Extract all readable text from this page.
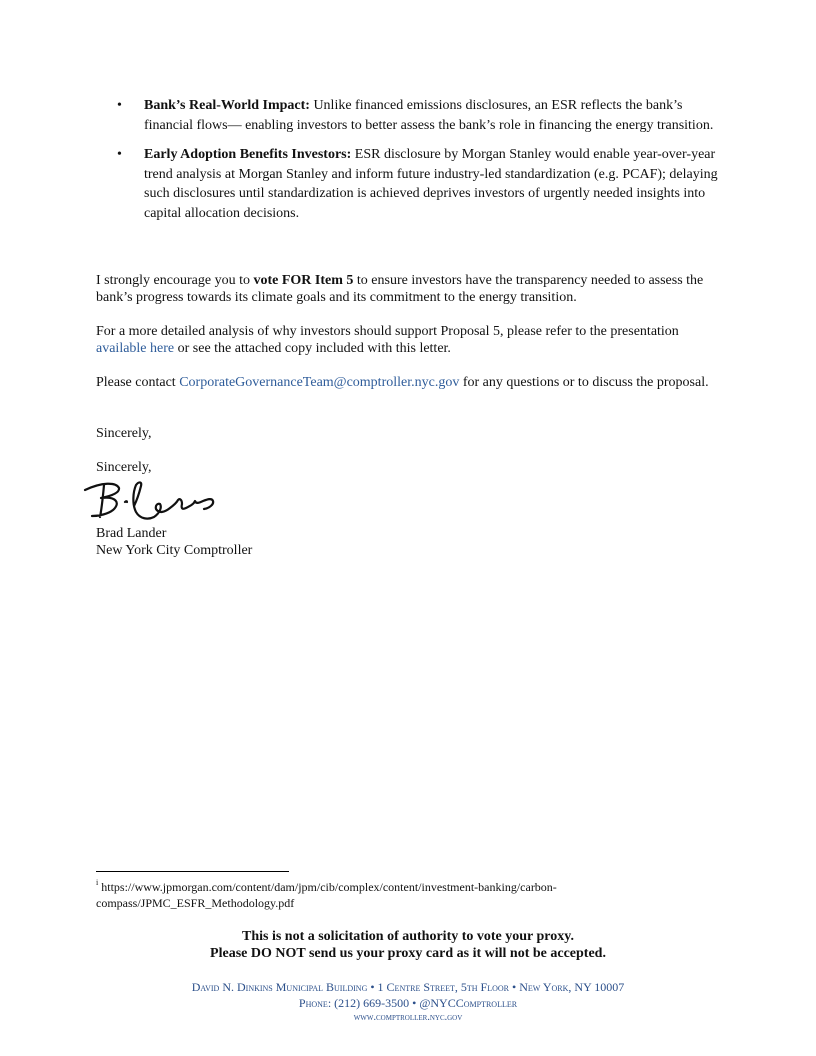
• Bank’s Real-World Impact: Unlike financed emissions disclosures, an ESR reflects the bank’s financial flows— enabling investors to better assess the bank’s role in financing the energy transition.
• Early Adoption Benefits Investors: ESR disclosure by Morgan Stanley would enable year-over-year trend analysis at Morgan Stanley and inform future industry-led standardization (e.g. PCAF); delaying such disclosures until standardization is achieved deprives investors of urgently needed insights into capital allocation decisions.

I strongly encourage you to vote FOR Item 5 to ensure investors have the transparency needed to assess the bank’s progress towards its climate goals and its commitment to the energy transition.

For a more detailed analysis of why investors should support Proposal 5, please refer to the presentation available here or see the attached copy included with this letter.

Please contact CorporateGovernanceTeam@comptroller.nyc.gov for any questions or to discuss the proposal.

Sincerely,

Sincerely,

Brad Lander

New York City Comptroller

$^i$ https://www.jpmorgan.com/content/dam/jpm/cib/complex/content/investment-banking/carbon-compass/JPMC_ESFR_Methodology.pdf
This is not a solicitation of authority to vote your proxy.
Please DO NOT send us your proxy card as it will not be accepted.
David N. Dinkins Municipal Building • 1 Centre Street, 5th Floor • New York, NY 10007
Phone: (212) 669-3500 • @NYCComptroller
www.comptroller.nyc.gov
